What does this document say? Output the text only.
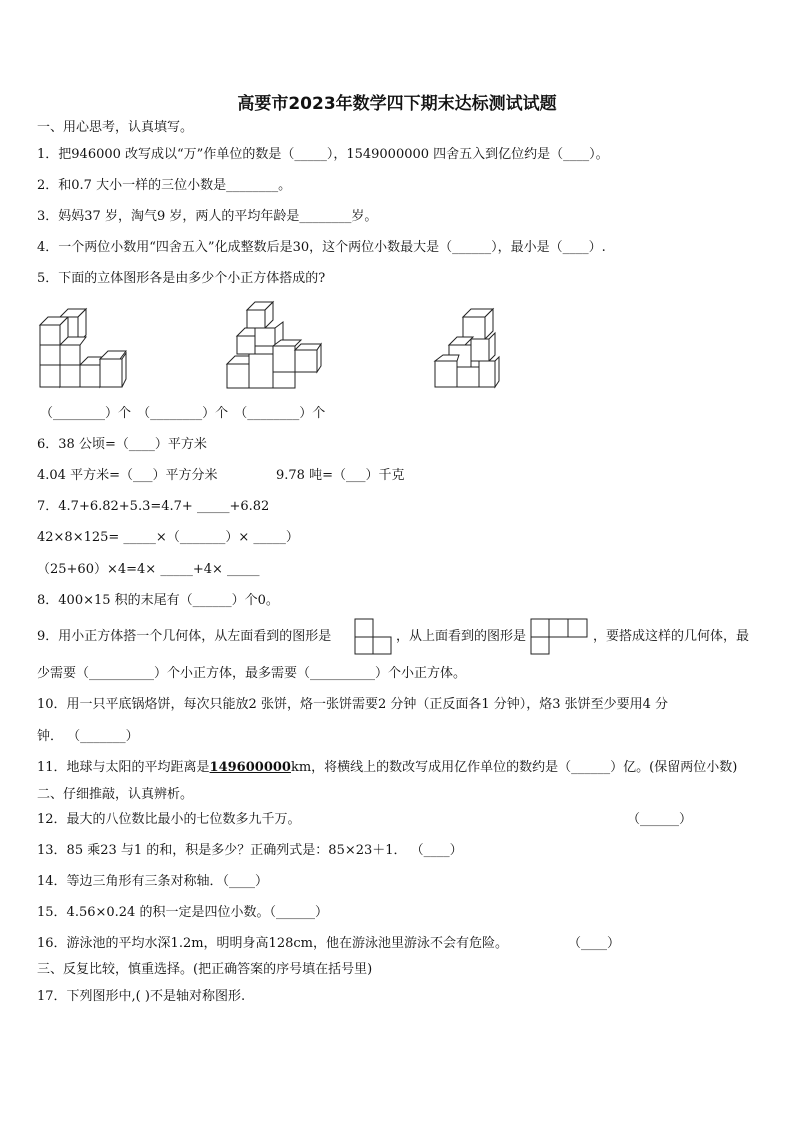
高要市2023年数学四下期末达标测试试题
一、用心思考，认真填写。
1．把946000 改写成以“万”作单位的数是（_____），1549000000 四舍五入到亿位约是（____）。
2．和0.7 大小一样的三位小数是________。
3．妈妈37 岁，淘气9 岁，两人的平均年龄是________岁。
4．一个两位小数用“四舍五入”化成整数后是30，这个两位小数最大是（______），最小是（____）.
5．下面的立体图形各是由多少个小正方体搭成的?
（________）个 （________）个 （________）个
6．38 公顷=（____）平方米
4.04 平方米=（___）平方分米	9.78 吨=（___）千克
7．4.7+6.82+5.3=4.7+ _____+6.82
42×8×125= _____×（_______）× _____）
（25+60）×4=4× _____+4× _____
8．400×15 积的末尾有（______）个0。
9．用小正方体搭一个几何体，从左面看到的图形是	，从上面看到的图形是	，要搭成这样的几何体，最
少需要（__________）个小正方体，最多需要（__________）个小正方体。
10．用一只平底锅烙饼，每次只能放2 张饼，烙一张饼需要2 分钟（正反面各1 分钟），烙3 张饼至少要用4 分
钟． （_______）
11．地球与太阳的平均距离是149600000km，将横线上的数改写成用亿作单位的数约是（______）亿。(保留两位小数)
二、仔细推敲，认真辨析。
12．最大的八位数比最小的七位数多九千万。	（______）
13．85 乘23 与1 的和，积是多少？正确列式是：85×23＋1． （____）
14．等边三角形有三条对称轴．（____）
15．4.56×0.24 的积一定是四位小数。（______）
16．游泳池的平均水深1.2m，明明身高128cm，他在游泳池里游泳不会有危险。	（____）
三、反复比较，慎重选择。(把正确答案的序号填在括号里)
17．下列图形中,( )不是轴对称图形.
